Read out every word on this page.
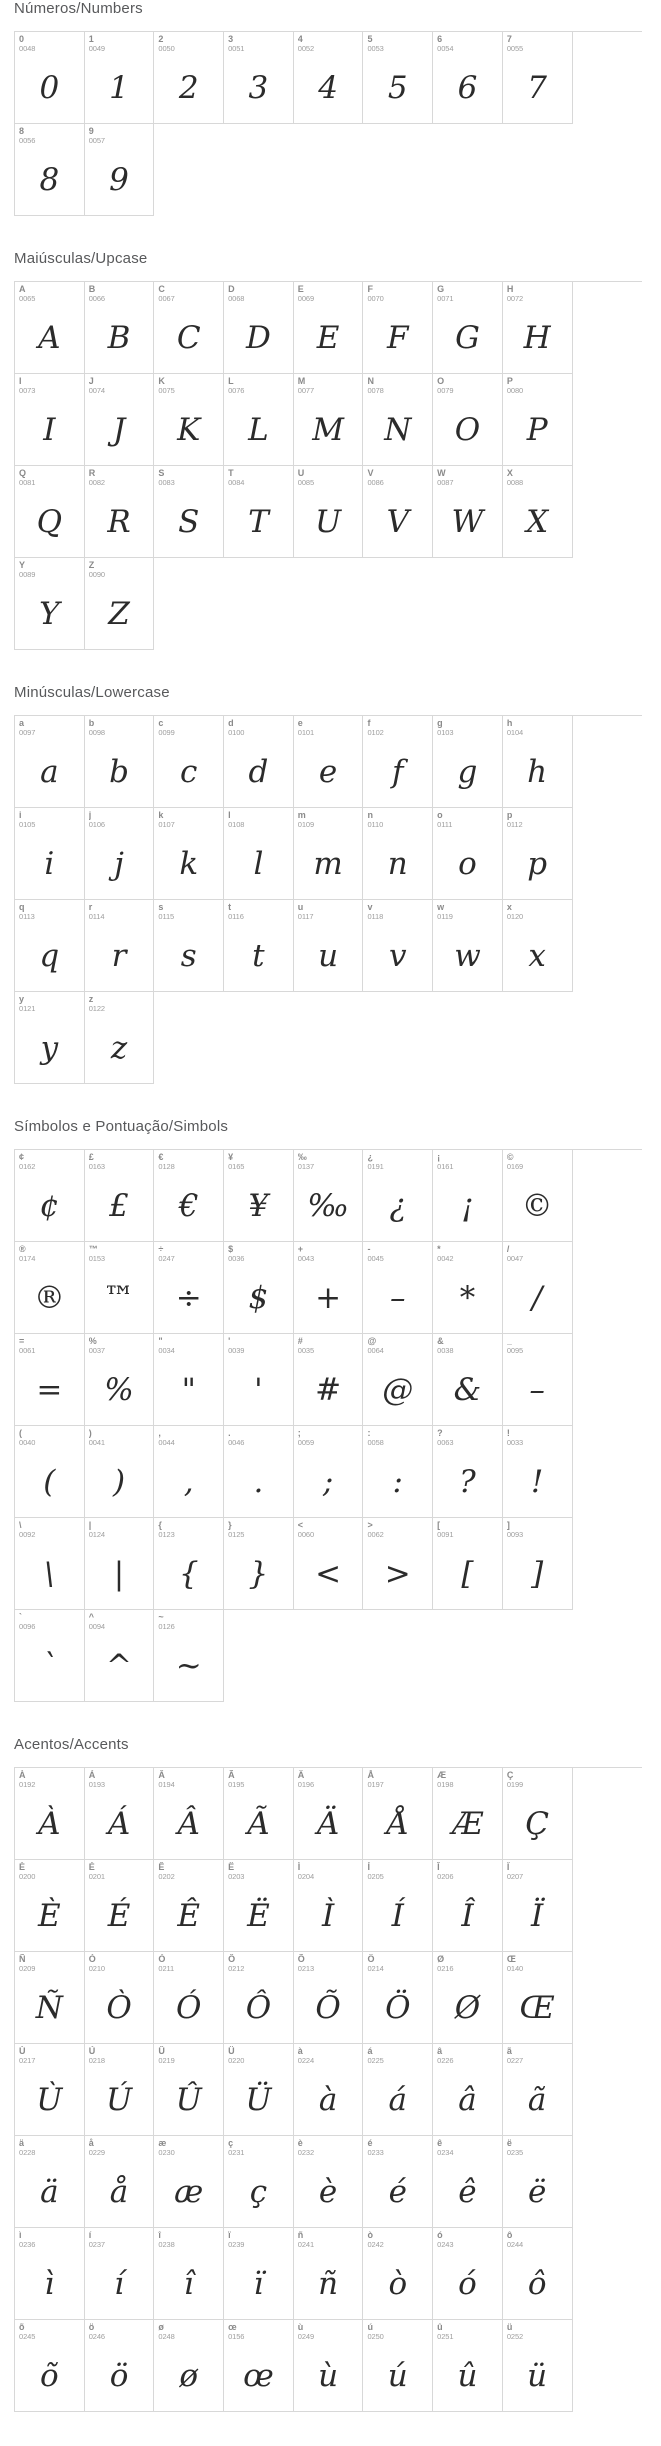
Números/Numbers
0
0048
0
1
0049
1
2
0050
2
3
0051
3
4
0052
4
5
0053
5
6
0054
6
7
0055
7
8
0056
8
9
0057
9
Maiúsculas/Upcase
A
0065
A
B
0066
B
C
0067
C
D
0068
D
E
0069
E
F
0070
F
G
0071
G
H
0072
H
I
0073
I
J
0074
J
K
0075
K
L
0076
L
M
0077
M
N
0078
N
O
0079
O
P
0080
P
Q
0081
Q
R
0082
R
S
0083
S
T
0084
T
U
0085
U
V
0086
V
W
0087
W
X
0088
X
Y
0089
Y
Z
0090
Z
Minúsculas/Lowercase
a
0097
a
b
0098
b
c
0099
c
d
0100
d
e
0101
e
f
0102
f
g
0103
g
h
0104
h
i
0105
i
j
0106
j
k
0107
k
l
0108
l
m
0109
m
n
0110
n
o
0111
o
p
0112
p
q
0113
q
r
0114
r
s
0115
s
t
0116
t
u
0117
u
v
0118
v
w
0119
w
x
0120
x
y
0121
y
z
0122
z
Símbolos e Pontuação/Simbols
¢
0162
¢
£
0163
£
€
0128
€
¥
0165
¥
‰
0137
‰
¿
0191
¿
¡
0161
¡
©
0169
©
®
0174
®
™
0153
™
÷
0247
÷
$
0036
$
+
0043
+
-
0045
–
*
0042
*
/
0047
/
=
0061
=
%
0037
%
"
0034
"
'
0039
'
#
0035
#
@
0064
@
&
0038
&
_
0095
–
(
0040
(
)
0041
)
,
0044
,
.
0046
.
;
0059
;
:
0058
:
?
0063
?
!
0033
!
\
0092
\
|
0124
|
{
0123
{
}
0125
}
<
0060
<
>
0062
>
[
0091
[
]
0093
]
`
0096
`
^
0094
^
~
0126
~
Acentos/Accents
À
0192
À
Á
0193
Á
Â
0194
Â
Ã
0195
Ã
Ä
0196
Ä
Å
0197
Å
Æ
0198
Æ
Ç
0199
Ç
È
0200
È
É
0201
É
Ê
0202
Ê
Ë
0203
Ë
Ì
0204
Ì
Í
0205
Í
Î
0206
Î
Ï
0207
Ï
Ñ
0209
Ñ
Ò
0210
Ò
Ó
0211
Ó
Ô
0212
Ô
Õ
0213
Õ
Ö
0214
Ö
Ø
0216
Ø
Œ
0140
Œ
Ù
0217
Ù
Ú
0218
Ú
Û
0219
Û
Ü
0220
Ü
à
0224
à
á
0225
á
â
0226
â
ã
0227
ã
ä
0228
ä
å
0229
å
æ
0230
æ
ç
0231
ç
è
0232
è
é
0233
é
ê
0234
ê
ë
0235
ë
ì
0236
ì
í
0237
í
î
0238
î
ï
0239
ï
ñ
0241
ñ
ò
0242
ò
ó
0243
ó
ô
0244
ô
õ
0245
õ
ö
0246
ö
ø
0248
ø
œ
0156
œ
ù
0249
ù
ú
0250
ú
û
0251
û
ü
0252
ü
